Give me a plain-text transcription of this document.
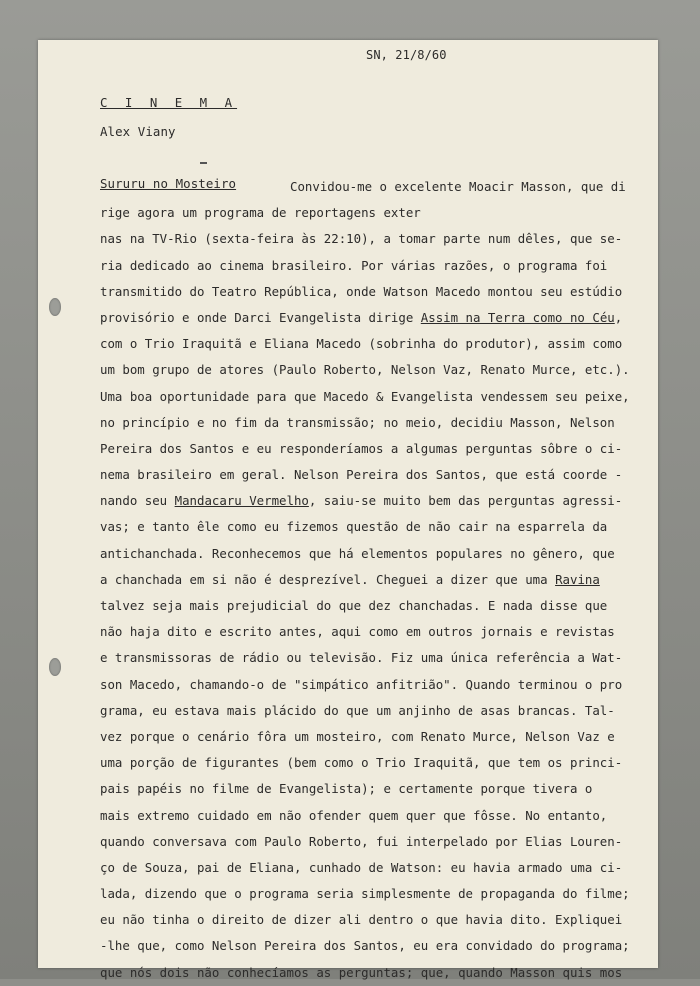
SN, 21/8/60
C I N E M A
Alex Viany
Sururu no Mosteiro	Convidou-me o excelente Moacir Masson, que di
rige agora um programa de reportagens exter
nas na TV-Rio (sexta-feira às 22:10), a tomar parte num dêles, que se-
ria dedicado ao cinema brasileiro. Por várias razões, o programa foi
transmitido do Teatro República, onde Watson Macedo montou seu estúdio
provisório e onde Darci Evangelista dirige Assim na Terra como no Céu,
com o Trio Iraquitã e Eliana Macedo (sobrinha do produtor), assim como
um bom grupo de atores (Paulo Roberto, Nelson Vaz, Renato Murce, etc.).
Uma boa oportunidade para que Macedo & Evangelista vendessem seu peixe,
no princípio e no fim da transmissão; no meio, decidiu Masson, Nelson
Pereira dos Santos e eu responderíamos a algumas perguntas sôbre o ci-
nema brasileiro em geral. Nelson Pereira dos Santos, que está coorde -
nando seu Mandacaru Vermelho, saiu-se muito bem das perguntas agressi-
vas; e tanto êle como eu fizemos questão de não cair na esparrela da
antichanchada. Reconhecemos que há elementos populares no gênero, que
a chanchada em si não é desprezível. Cheguei a dizer que uma Ravina
talvez seja mais prejudicial do que dez chanchadas. E nada disse que
não haja dito e escrito antes, aqui como em outros jornais e revistas
e transmissoras de rádio ou televisão. Fiz uma única referência a Wat-
son Macedo, chamando-o de "simpático anfitrião". Quando terminou o pro
grama, eu estava mais plácido do que um anjinho de asas brancas. Tal-
vez porque o cenário fôra um mosteiro, com Renato Murce, Nelson Vaz e
uma porção de figurantes (bem como o Trio Iraquitã, que tem os princi-
pais papéis no filme de Evangelista); e certamente porque tivera o
mais extremo cuidado em não ofender quem quer que fôsse. No entanto,
quando conversava com Paulo Roberto, fui interpelado por Elias Louren-
ço de Souza, pai de Eliana, cunhado de Watson: eu havia armado uma ci-
lada, dizendo que o programa seria simplesmente de propaganda do filme;
eu não tinha o direito de dizer ali dentro o que havia dito. Expliquei
-lhe que, como Nelson Pereira dos Santos, eu era convidado do programa;
que nós dois não conhecíamos as perguntas; que, quando Masson quis mos
